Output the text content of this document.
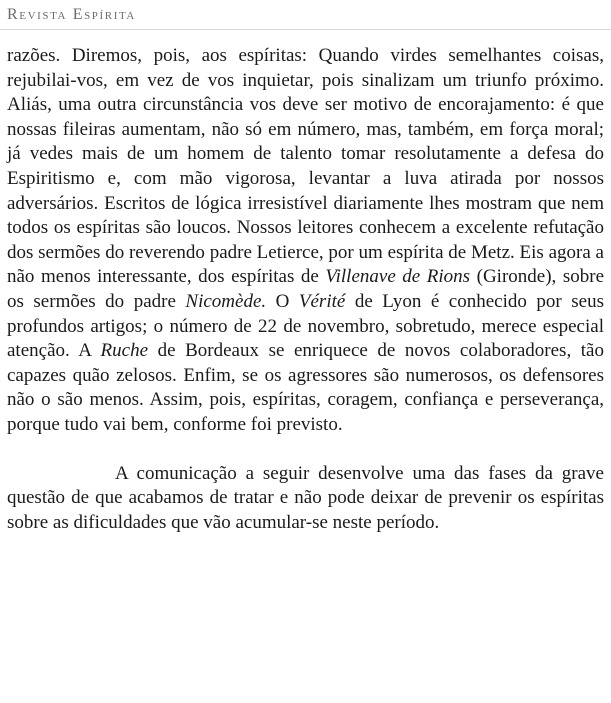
Revista Espírita

razões. Diremos, pois, aos espíritas: Quando virdes semelhantes coisas, rejubilai-vos, em vez de vos inquietar, pois sinalizam um triunfo próximo. Aliás, uma outra circunstância vos deve ser motivo de encorajamento: é que nossas fileiras aumentam, não só em número, mas, também, em força moral; já vedes mais de um homem de talento tomar resolutamente a defesa do Espiritismo e, com mão vigorosa, levantar a luva atirada por nossos adversários. Escritos de lógica irresistível diariamente lhes mostram que nem todos os espíritas são loucos. Nossos leitores conhecem a excelente refutação dos sermões do reverendo padre Letierce, por um espírita de Metz. Eis agora a não menos interessante, dos espíritas de Villenave de Rions (Gironde), sobre os sermões do padre Nicomède. O Vérité de Lyon é conhecido por seus profundos artigos; o número de 22 de novembro, sobretudo, merece especial atenção. A Ruche de Bordeaux se enriquece de novos colaboradores, tão capazes quão zelosos. Enfim, se os agressores são numerosos, os defensores não o são menos. Assim, pois, espíritas, coragem, confiança e perseverança, porque tudo vai bem, conforme foi previsto.

A comunicação a seguir desenvolve uma das fases da grave questão de que acabamos de tratar e não pode deixar de prevenir os espíritas sobre as dificuldades que vão acumular-se neste período.
